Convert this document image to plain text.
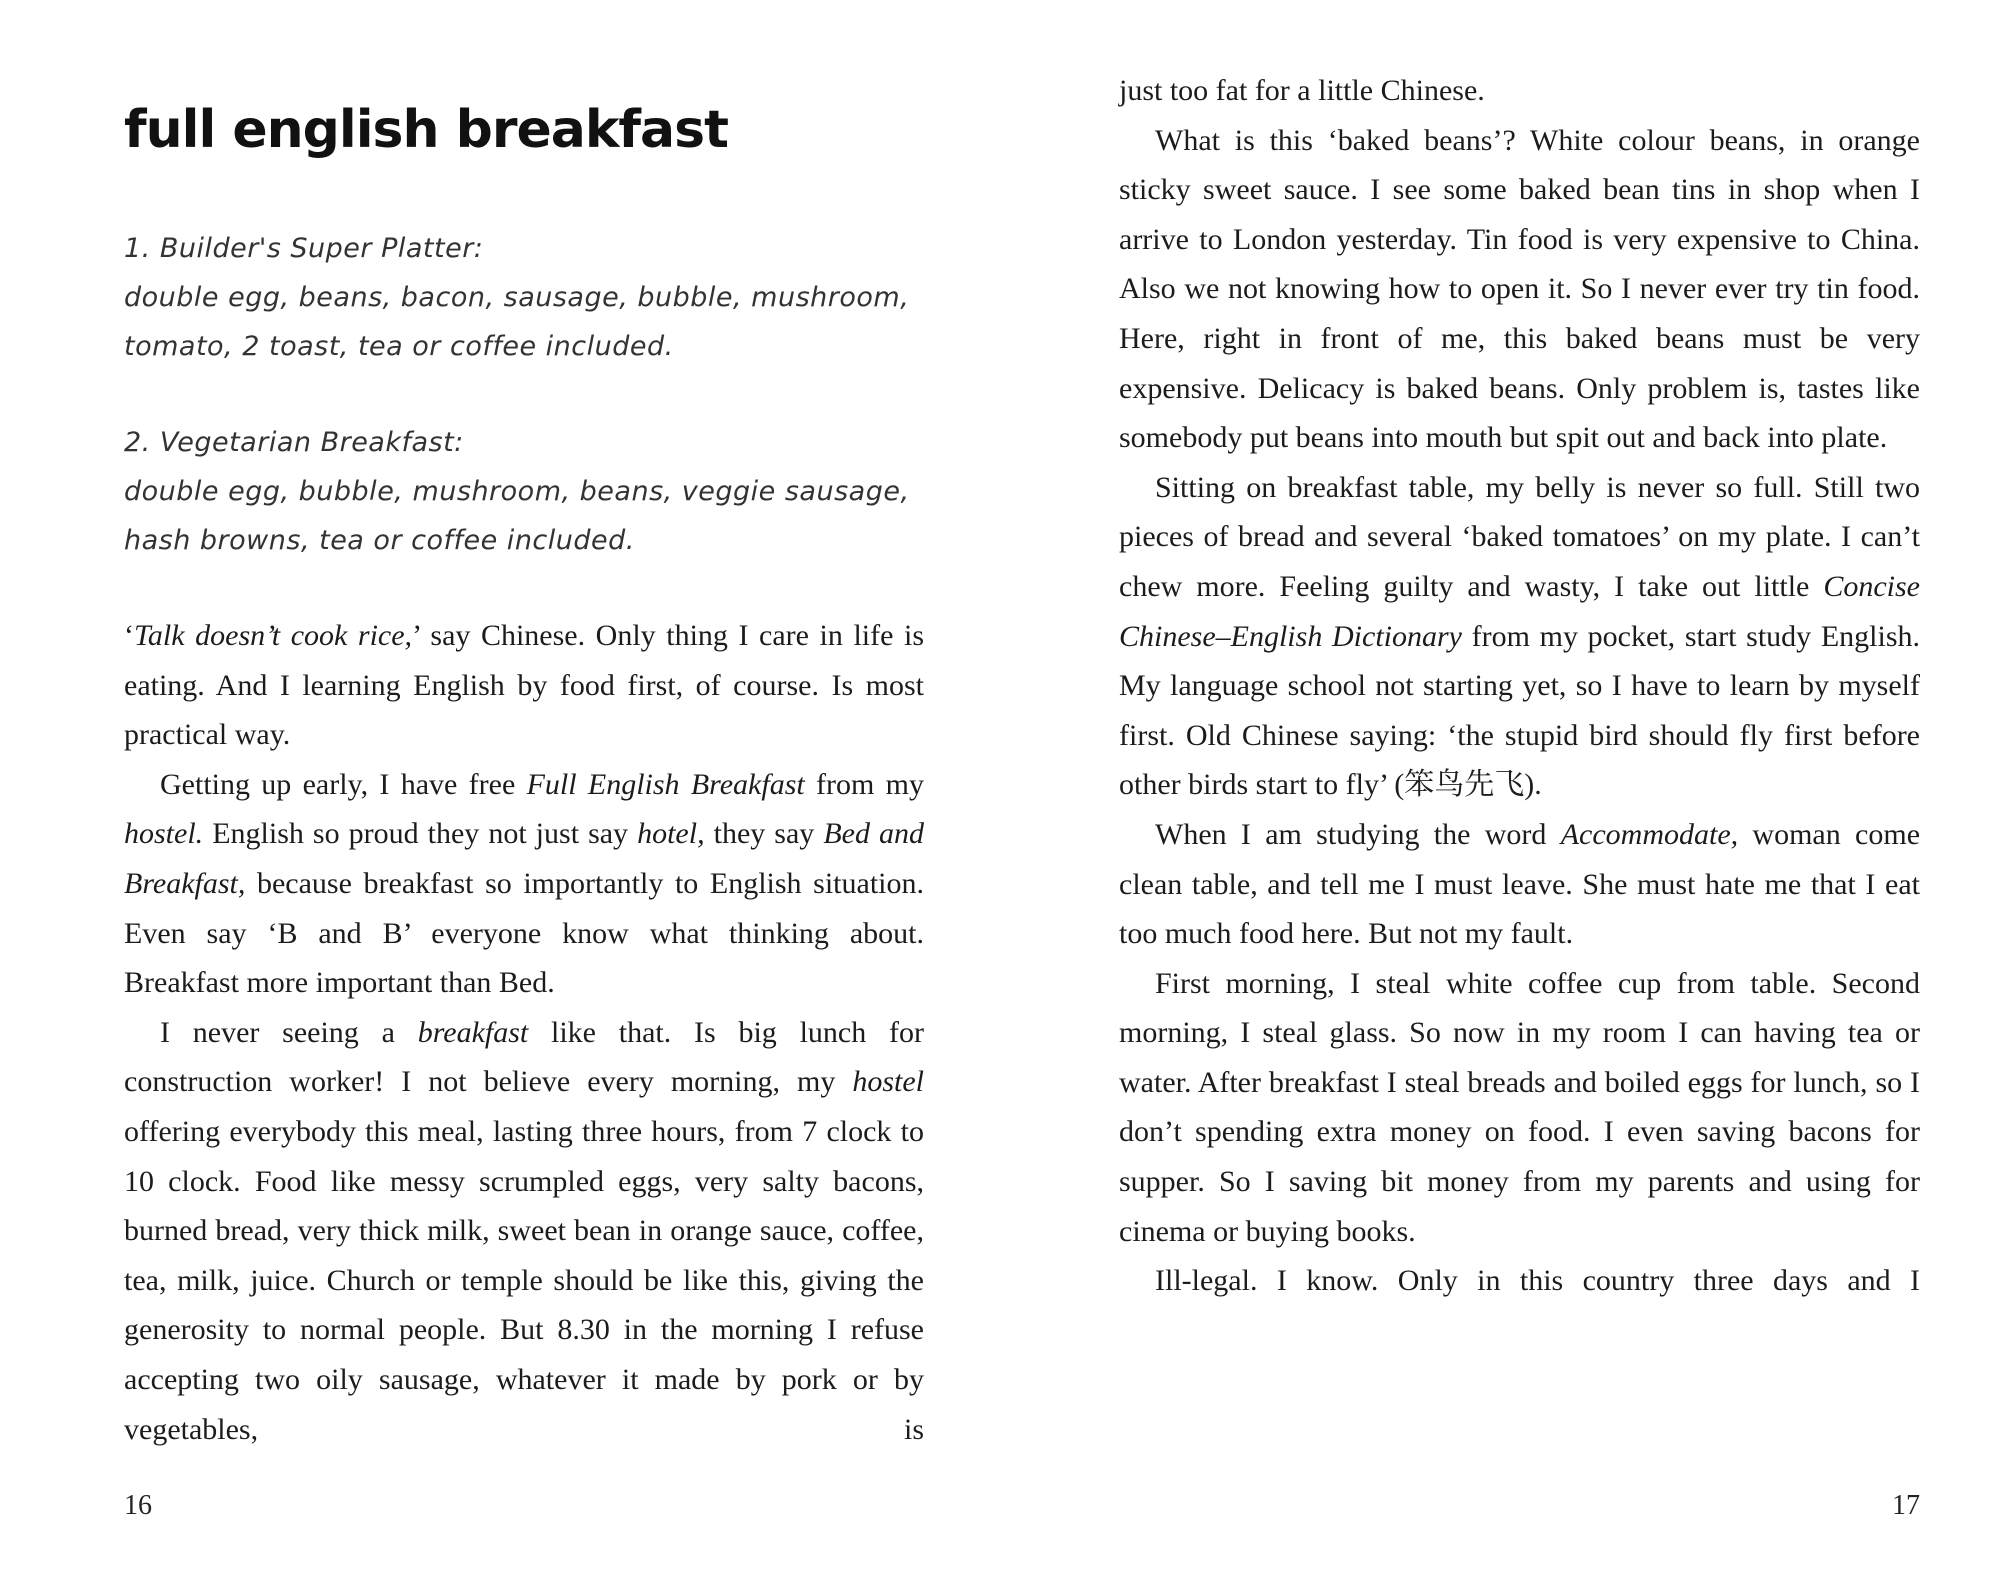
full english breakfast
1. Builder's Super Platter:
double egg, beans, bacon, sausage, bubble, mushroom,
tomato, 2 toast, tea or coffee included.
2. Vegetarian Breakfast:
double egg, bubble, mushroom, beans, veggie sausage,
hash browns, tea or coffee included.

‘Talk doesn’t cook rice,’ say Chinese. Only thing I care in life is eating. And I learning English by food first, of course. Is most practical way.

Getting up early, I have free Full English Breakfast from my hostel. English so proud they not just say hotel, they say Bed and Breakfast, because breakfast so importantly to English situation. Even say ‘B and B’ everyone know what thinking about. Breakfast more important than Bed.

I never seeing a breakfast like that. Is big lunch for construction worker! I not believe every morning, my hostel offering everybody this meal, lasting three hours, from 7 clock to 10 clock. Food like messy scrumpled eggs, very salty bacons, burned bread, very thick milk, sweet bean in orange sauce, coffee, tea, milk, juice. Church or temple should be like this, giving the generosity to normal people. But 8.30 in the morning I refuse accepting two oily sausage, whatever it made by pork or by vegetables, is

16

just too fat for a little Chinese.

What is this ‘baked beans’? White colour beans, in orange sticky sweet sauce. I see some baked bean tins in shop when I arrive to London yesterday. Tin food is very expensive to China. Also we not knowing how to open it. So I never ever try tin food. Here, right in front of me, this baked beans must be very expensive. Delicacy is baked beans. Only problem is, tastes like somebody put beans into mouth but spit out and back into plate.

Sitting on breakfast table, my belly is never so full. Still two pieces of bread and several ‘baked tomatoes’ on my plate. I can’t chew more. Feeling guilty and wasty, I take out little Concise Chinese–English Dictionary from my pocket, start study English. My language school not starting yet, so I have to learn by myself first. Old Chinese saying: ‘the stupid bird should fly first before other birds start to fly’ (笨鸟先飞).

When I am studying the word Accommodate, woman come clean table, and tell me I must leave. She must hate me that I eat too much food here. But not my fault.

First morning, I steal white coffee cup from table. Second morning, I steal glass. So now in my room I can having tea or water. After breakfast I steal breads and boiled eggs for lunch, so I don’t spending extra money on food. I even saving bacons for supper. So I saving bit money from my parents and using for cinema or buying books.

Ill-legal. I know. Only in this country three days and I

17
